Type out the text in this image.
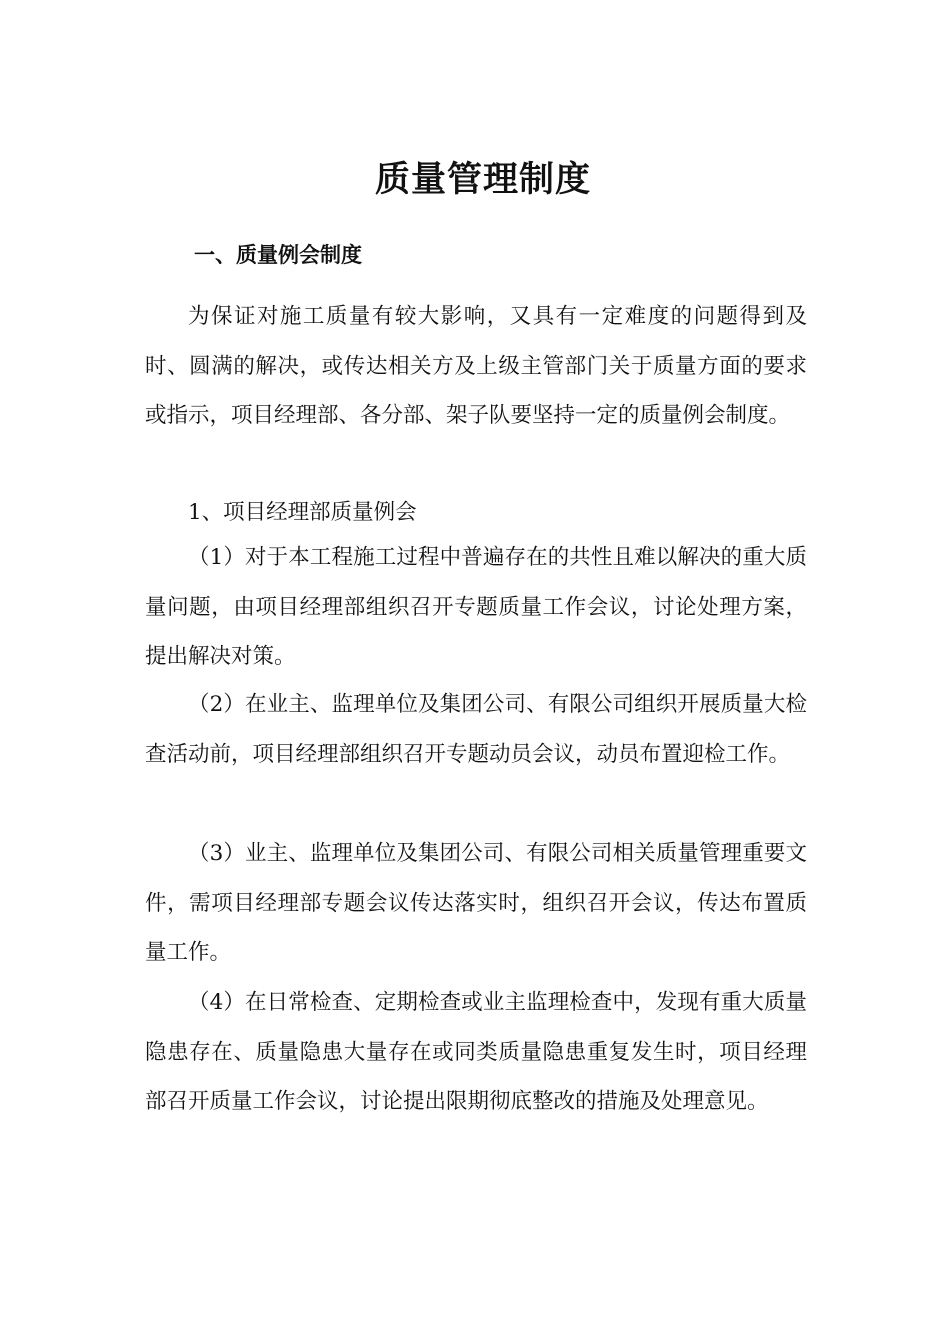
质量管理制度
一、质量例会制度

为保证对施工质量有较大影响，又具有一定难度的问题得到及时、圆满的解决，或传达相关方及上级主管部门关于质量方面的要求或指示，项目经理部、各分部、架子队要坚持一定的质量例会制度。

1、项目经理部质量例会

（1）对于本工程施工过程中普遍存在的共性且难以解决的重大质量问题，由项目经理部组织召开专题质量工作会议，讨论处理方案，提出解决对策。

（2）在业主、监理单位及集团公司、有限公司组织开展质量大检查活动前，项目经理部组织召开专题动员会议，动员布置迎检工作。

（3）业主、监理单位及集团公司、有限公司相关质量管理重要文件，需项目经理部专题会议传达落实时，组织召开会议，传达布置质量工作。

（4）在日常检查、定期检查或业主监理检查中，发现有重大质量隐患存在、质量隐患大量存在或同类质量隐患重复发生时，项目经理部召开质量工作会议，讨论提出限期彻底整改的措施及处理意见。
